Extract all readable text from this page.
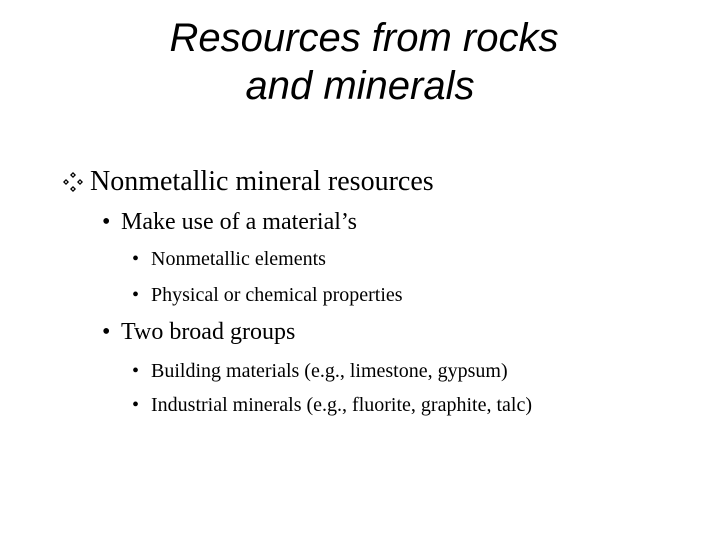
Resources from rocks
and minerals
Nonmetallic mineral resources
• Make use of a material’s
• Nonmetallic elements
• Physical or chemical properties
• Two broad groups
• Building materials (e.g., limestone, gypsum)
• Industrial minerals (e.g., fluorite, graphite, talc)
